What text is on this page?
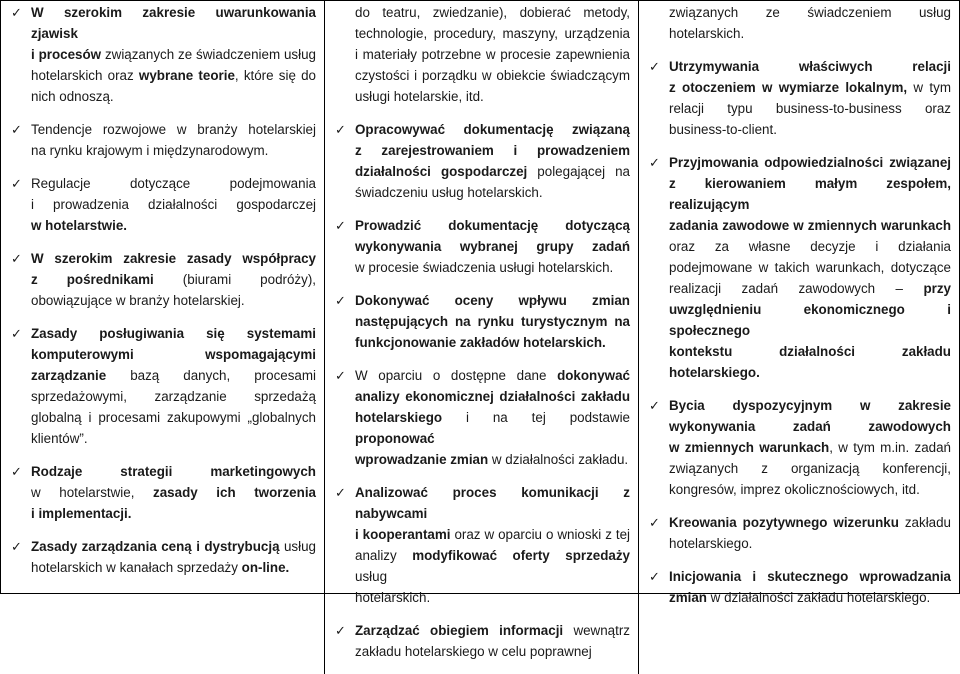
✓ W szerokim zakresie uwarunkowania zjawisk
i procesów związanych ze świadczeniem usług
hotelarskich oraz wybrane teorie, które się do
nich odnoszą.
✓ Tendencje rozwojowe w branży hotelarskiej
na rynku krajowym i międzynarodowym.
✓ Regulacje dotyczące podejmowania
i prowadzenia działalności gospodarczej
w hotelarstwie.
✓ W szerokim zakresie zasady współpracy
z pośrednikami (biurami podróży),
obowiązujące w branży hotelarskiej.
✓ Zasady posługiwania się systemami
komputerowymi wspomagającymi
zarządzanie bazą danych, procesami
sprzedażowymi, zarządzanie sprzedażą
globalną i procesami zakupowymi „globalnych
klientów”.
✓ Rodzaje strategii marketingowych
w hotelarstwie, zasady ich tworzenia
i implementacji.
✓ Zasady zarządzania ceną i dystrybucją usług
hotelarskich w kanałach sprzedaży on-line.
do teatru, zwiedzanie), dobierać metody,
technologie, procedury, maszyny, urządzenia
i materiały potrzebne w procesie zapewnienia
czystości i porządku w obiekcie świadczącym
usługi hotelarskie, itd.
✓ Opracowywać dokumentację związaną
z zarejestrowaniem i prowadzeniem
działalności gospodarczej polegającej na
świadczeniu usług hotelarskich.
✓ Prowadzić dokumentację dotyczącą
wykonywania wybranej grupy zadań
w procesie świadczenia usługi hotelarskich.
✓ Dokonywać oceny wpływu zmian
następujących na rynku turystycznym na
funkcjonowanie zakładów hotelarskich.
✓ W oparciu o dostępne dane dokonywać
analizy ekonomicznej działalności zakładu
hotelarskiego i na tej podstawie proponować
wprowadzanie zmian w działalności zakładu.
✓ Analizować proces komunikacji z nabywcami
i kooperantami oraz w oparciu o wnioski z tej
analizy modyfikować oferty sprzedaży usług
hotelarskich.
✓ Zarządzać obiegiem informacji wewnątrz
zakładu hotelarskiego w celu poprawnej
związanych ze świadczeniem usług
hotelarskich.
✓ Utrzymywania właściwych relacji
z otoczeniem w wymiarze lokalnym, w tym
relacji typu business-to-business oraz
business-to-client.
✓ Przyjmowania odpowiedzialności związanej
z kierowaniem małym zespołem, realizującym
zadania zawodowe w zmiennych warunkach
oraz za własne decyzje i działania
podejmowane w takich warunkach, dotyczące
realizacji zadań zawodowych – przy
uwzględnieniu ekonomicznego i społecznego
kontekstu działalności zakładu hotelarskiego.
✓ Bycia dyspozycyjnym w zakresie
wykonywania zadań zawodowych
w zmiennych warunkach, w tym m.in. zadań
związanych z organizacją konferencji,
kongresów, imprez okolicznościowych, itd.
✓ Kreowania pozytywnego wizerunku zakładu
hotelarskiego.
✓ Inicjowania i skutecznego wprowadzania
zmian w działalności zakładu hotelarskiego.
